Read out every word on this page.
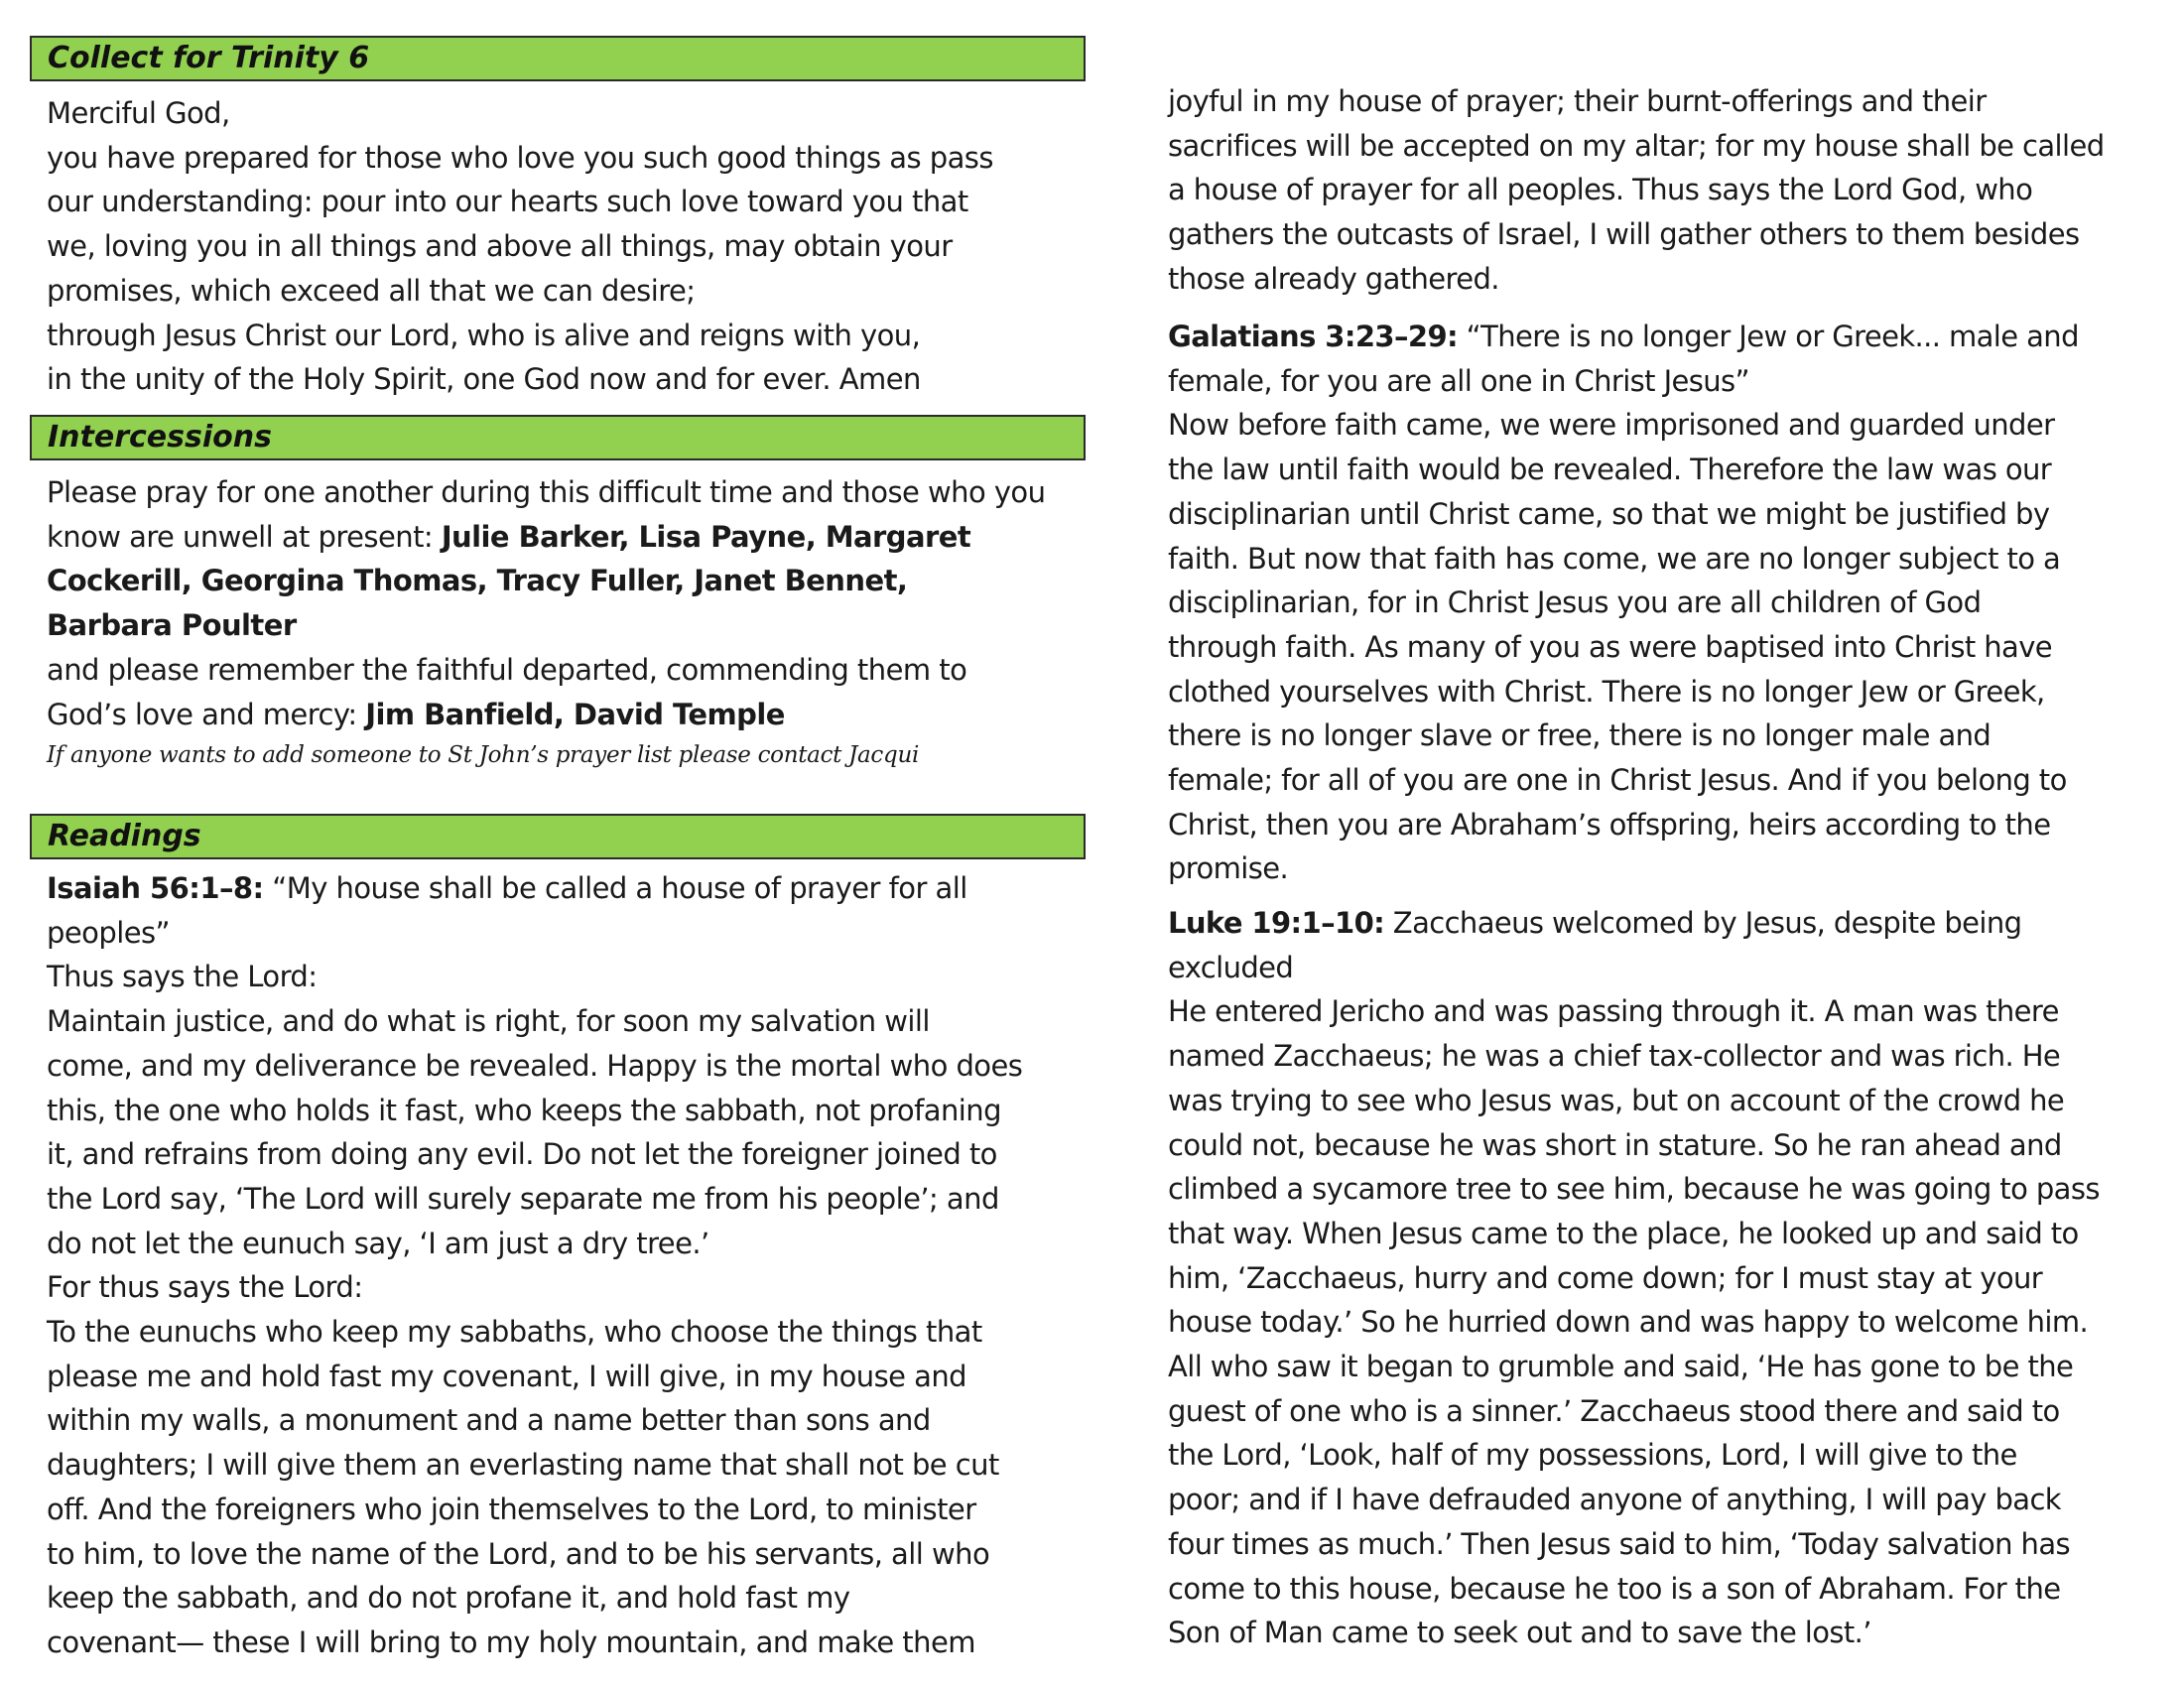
Collect for Trinity 6
Merciful God,
you have prepared for those who love you such good things as pass
our understanding: pour into our hearts such love toward you that
we, loving you in all things and above all things, may obtain your
promises, which exceed all that we can desire;
through Jesus Christ our Lord, who is alive and reigns with you,
in the unity of the Holy Spirit, one God now and for ever. Amen
Intercessions
Please pray for one another during this difficult time and those who you
know are unwell at present: Julie Barker, Lisa Payne, Margaret
Cockerill, Georgina Thomas, Tracy Fuller, Janet Bennet,
Barbara Poulter
and please remember the faithful departed, commending them to
God’s love and mercy: Jim Banfield, David Temple
If anyone wants to add someone to St John’s prayer list please contact Jacqui
Readings
Isaiah 56:1–8: “My house shall be called a house of prayer for all
peoples”
Thus says the Lord:
Maintain justice, and do what is right, for soon my salvation will
come, and my deliverance be revealed. Happy is the mortal who does
this, the one who holds it fast, who keeps the sabbath, not profaning
it, and refrains from doing any evil. Do not let the foreigner joined to
the Lord say, ‘The Lord will surely separate me from his people’; and
do not let the eunuch say, ‘I am just a dry tree.’
For thus says the Lord:
To the eunuchs who keep my sabbaths, who choose the things that
please me and hold fast my covenant, I will give, in my house and
within my walls, a monument and a name better than sons and
daughters; I will give them an everlasting name that shall not be cut
off. And the foreigners who join themselves to the Lord, to minister
to him, to love the name of the Lord, and to be his servants, all who
keep the sabbath, and do not profane it, and hold fast my
covenant— these I will bring to my holy mountain, and make them
joyful in my house of prayer; their burnt-offerings and their
sacrifices will be accepted on my altar; for my house shall be called
a house of prayer for all peoples. Thus says the Lord God, who
gathers the outcasts of Israel, I will gather others to them besides
those already gathered.
Galatians 3:23–29: “There is no longer Jew or Greek... male and
female, for you are all one in Christ Jesus”
Now before faith came, we were imprisoned and guarded under
the law until faith would be revealed. Therefore the law was our
disciplinarian until Christ came, so that we might be justified by
faith. But now that faith has come, we are no longer subject to a
disciplinarian, for in Christ Jesus you are all children of God
through faith. As many of you as were baptised into Christ have
clothed yourselves with Christ. There is no longer Jew or Greek,
there is no longer slave or free, there is no longer male and
female; for all of you are one in Christ Jesus. And if you belong to
Christ, then you are Abraham’s offspring, heirs according to the
promise.
Luke 19:1–10: Zacchaeus welcomed by Jesus, despite being
excluded
He entered Jericho and was passing through it. A man was there
named Zacchaeus; he was a chief tax-collector and was rich. He
was trying to see who Jesus was, but on account of the crowd he
could not, because he was short in stature. So he ran ahead and
climbed a sycamore tree to see him, because he was going to pass
that way. When Jesus came to the place, he looked up and said to
him, ‘Zacchaeus, hurry and come down; for I must stay at your
house today.’ So he hurried down and was happy to welcome him.
All who saw it began to grumble and said, ‘He has gone to be the
guest of one who is a sinner.’ Zacchaeus stood there and said to
the Lord, ‘Look, half of my possessions, Lord, I will give to the
poor; and if I have defrauded anyone of anything, I will pay back
four times as much.’ Then Jesus said to him, ‘Today salvation has
come to this house, because he too is a son of Abraham. For the
Son of Man came to seek out and to save the lost.’
